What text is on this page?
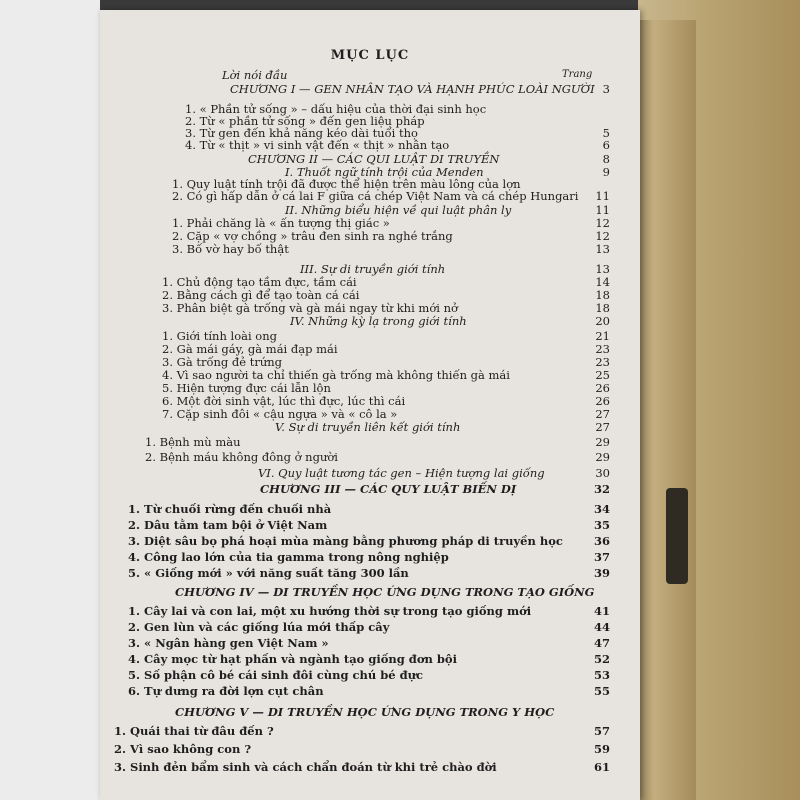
MỤC LỤC
Lời nói đầu	Trang
CHƯƠNG I — GEN NHÂN TẠO VÀ HẠNH PHÚC LOÀI NGƯỜI 3
1. « Phần tử sống » – dấu hiệu của thời đại sinh học
2. Từ « phần tử sống » đến gen liệu pháp
3. Từ gen đến khả năng kéo dài tuổi thọ	5
4. Từ « thịt » vi sinh vật đến « thịt » nhân tạo	6
CHƯƠNG II — CÁC QUI LUẬT DI TRUYỀN	8
I. Thuốt ngữ tính trội của Menden	9
1. Quy luật tính trội đã được thể hiện trên màu lông của lợn
2. Có gì hấp dẫn ở cá lai F giữa cá chép Việt Nam và cá chép Hungari	11
II. Những biểu hiện về qui luật phân ly	11
1. Phải chăng là « ấn tượng thị giác »	12
2. Cặp « vợ chồng » trâu đen sinh ra nghé trắng	12
3. Bố vờ hay bố thật	13
III. Sự di truyền giới tính	13
1. Chủ động tạo tầm đực, tầm cái	14
2. Bằng cách gì để tạo toàn cá cái	18
3. Phân biệt gà trống và gà mái ngay từ khi mới nở	18
IV. Những kỳ lạ trong giới tính	20
1. Giới tính loài ong	21
2. Gà mái gáy, gà mái đạp mái	23
3. Gà trống đẻ trứng	23
4. Vì sao người ta chỉ thiến gà trống mà không thiến gà mái	25
5. Hiện tượng đực cái lẫn lộn	26
6. Một đời sinh vật, lúc thì đực, lúc thì cái	26
7. Cặp sinh đôi « cậu ngựa » và « cô la »	27
V. Sự di truyền liên kết giới tính	27
1. Bệnh mù màu	29
2. Bệnh máu không đông ở người	29
VI. Quy luật tương tác gen – Hiện tượng lai giống	30
CHƯƠNG III — CÁC QUY LUẬT BIẾN DỊ	32
1. Từ chuối rừng đến chuối nhà	34
2. Dâu tằm tam bội ở Việt Nam	35
3. Diệt sâu bọ phá hoại mùa màng bằng phương pháp di truyền học	36
4. Công lao lớn của tia gamma trong nông nghiệp	37
5. « Giống mới » với năng suất tăng 300 lần	39
CHƯƠNG IV — DI TRUYỀN HỌC ỨNG DỤNG TRONG TẠO GIỐNG
1. Cây lai và con lai, một xu hướng thời sự trong tạo giống mới	41
2. Gen lùn và các giống lúa mới thấp cây	44
3. « Ngân hàng gen Việt Nam »	47
4. Cây mọc từ hạt phấn và ngành tạo giống đơn bội	52
5. Số phận cô bé cái sinh đôi cùng chú bé đực	53
6. Tự dưng ra đời lợn cụt chân	55
CHƯƠNG V — DI TRUYỀN HỌC ỨNG DỤNG TRONG Y HỌC
1. Quái thai từ đâu đến ?	57
2. Vì sao không con ?	59
3. Sinh đẻn bẩm sinh và cách chẩn đoán từ khi trẻ chào đời	61
